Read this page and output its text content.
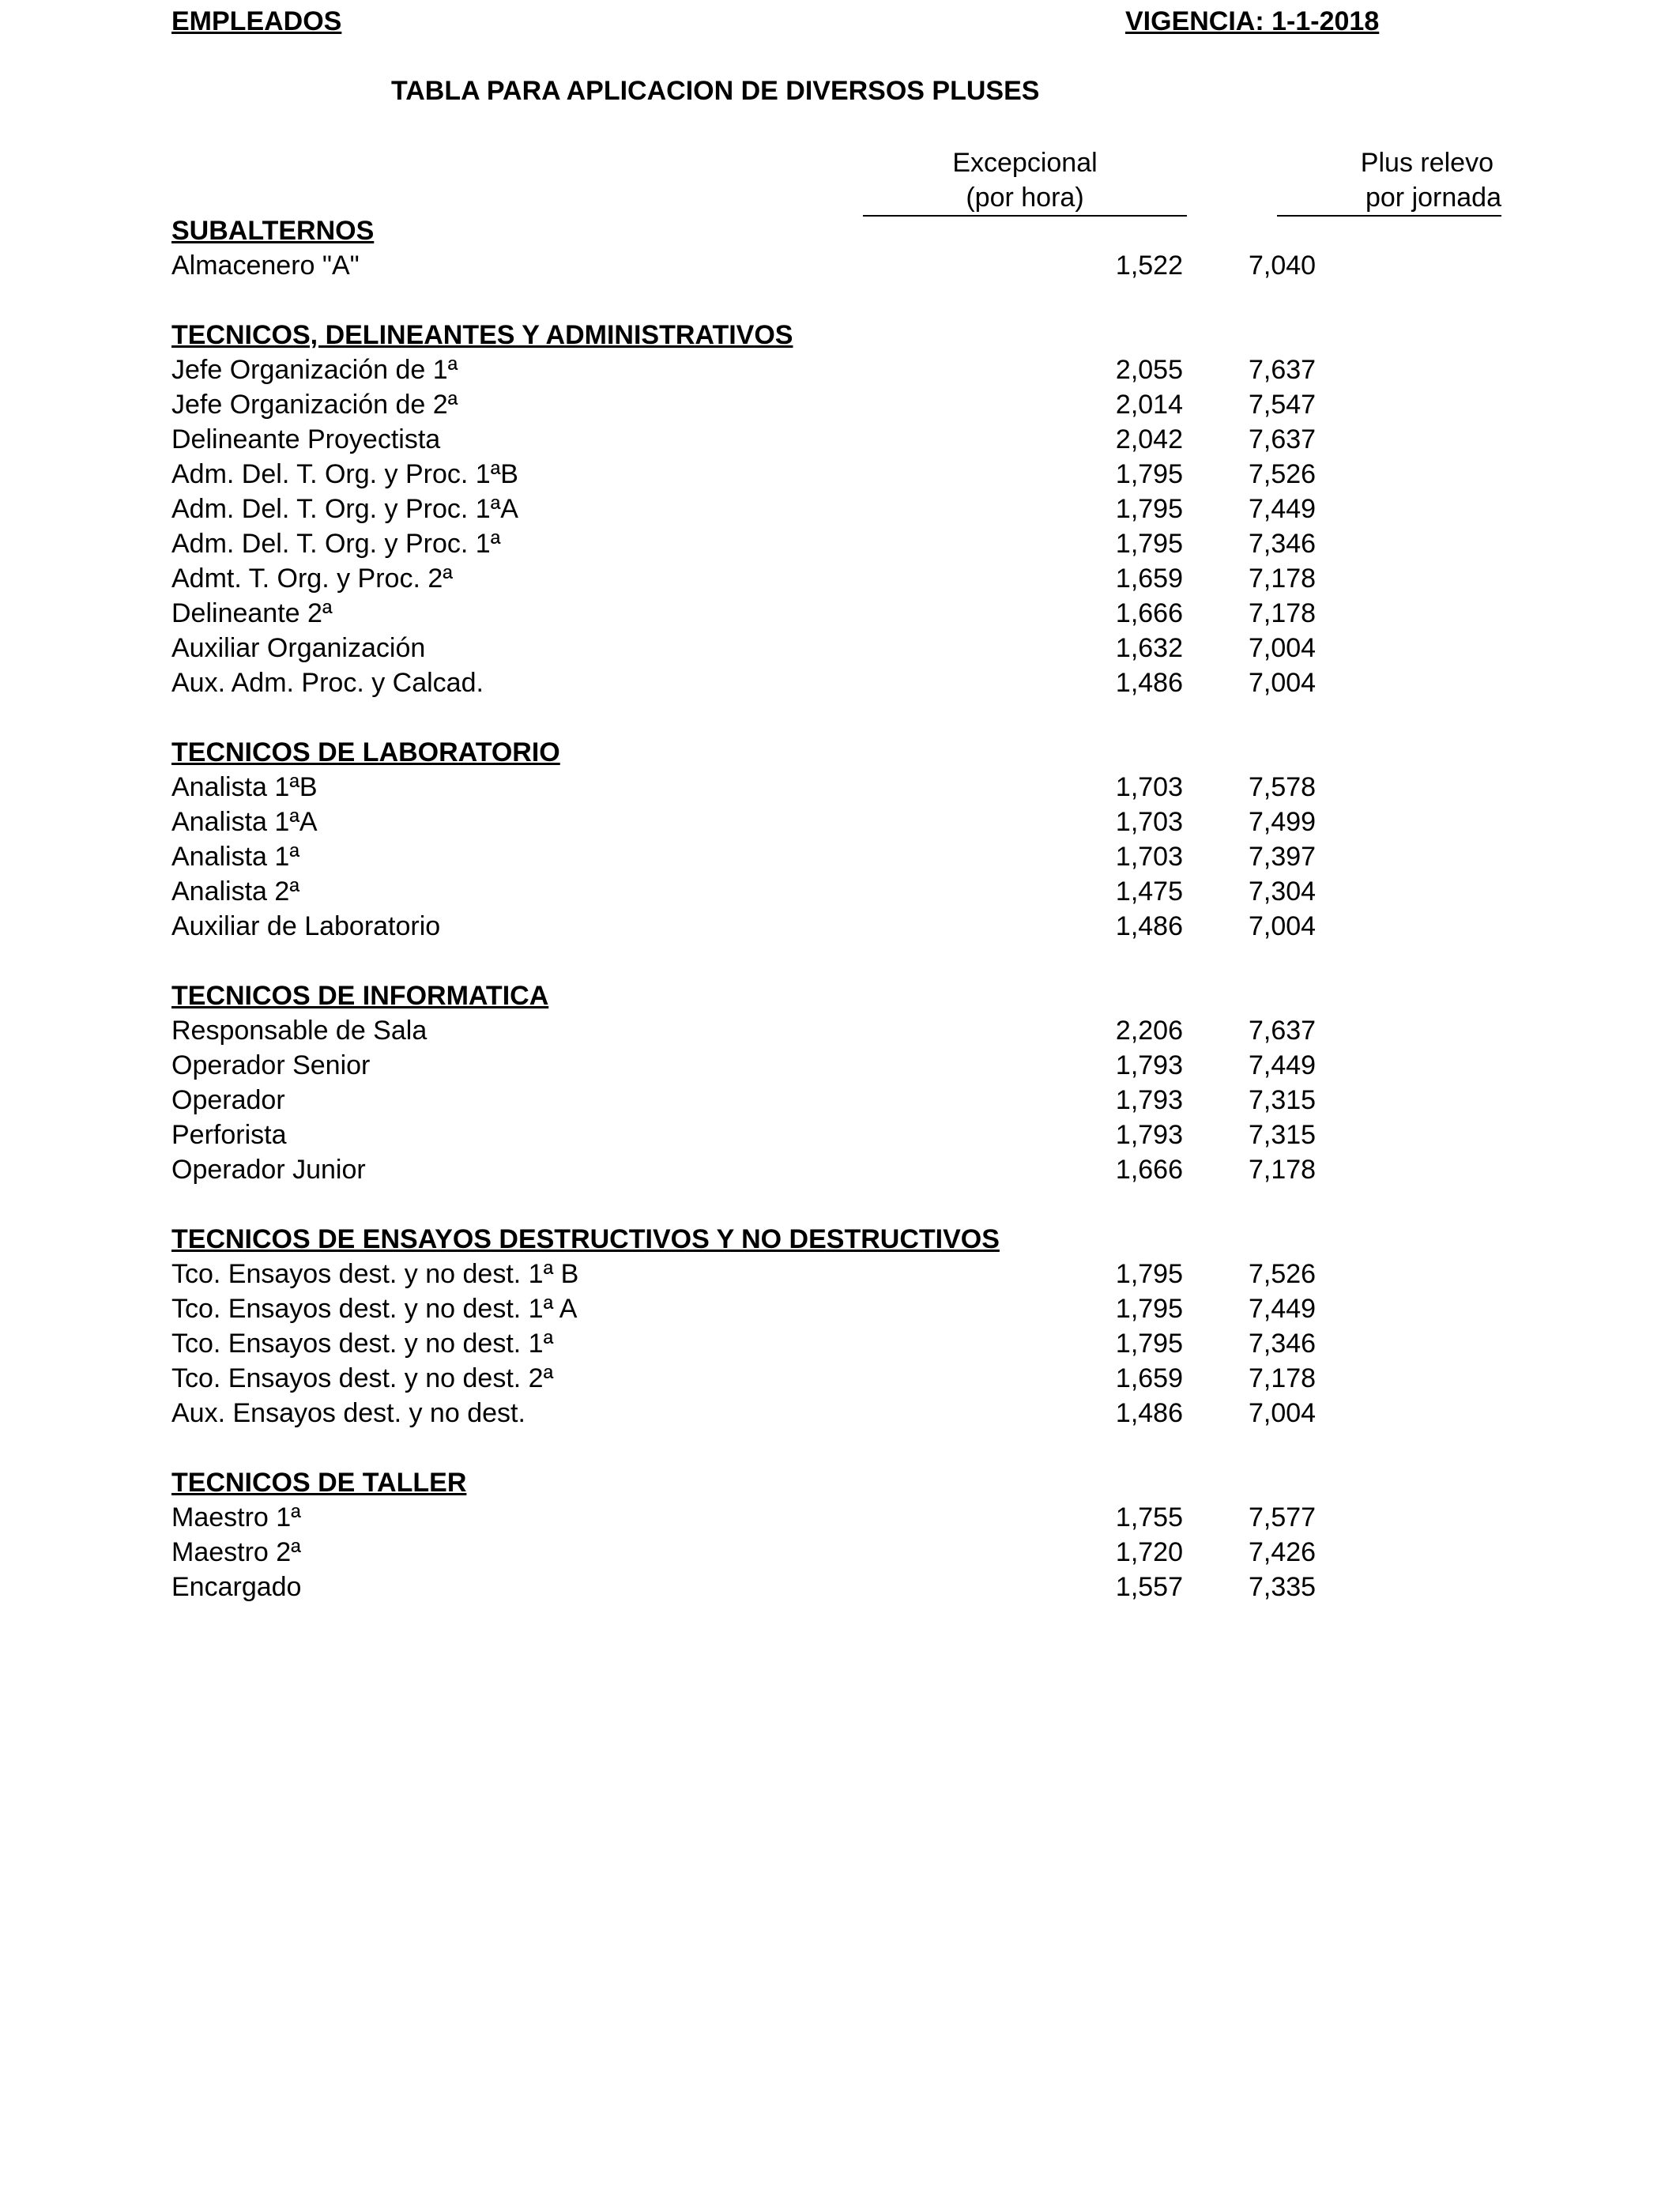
EMPLEADOS	VIGENCIA: 1-1-2018
TABLA PARA APLICACION DE DIVERSOS PLUSES
Excepcional
(por hora)
Plus relevo
por jornada
SUBALTERNOS
Almacenero "A"	1,522 7,040
TECNICOS, DELINEANTES Y ADMINISTRATIVOS
Jefe Organización de 1ª	2,055 7,637
Jefe Organización de 2ª	2,014 7,547
Delineante Proyectista	2,042 7,637
Adm. Del. T. Org. y Proc. 1ªB	1,795 7,526
Adm. Del. T. Org. y Proc. 1ªA	1,795 7,449
Adm. Del. T. Org. y Proc. 1ª	1,795 7,346
Admt. T. Org. y Proc. 2ª	1,659 7,178
Delineante 2ª	1,666 7,178
Auxiliar Organización	1,632 7,004
Aux. Adm. Proc. y Calcad.	1,486 7,004
TECNICOS DE LABORATORIO
Analista 1ªB	1,703 7,578
Analista 1ªA	1,703 7,499
Analista 1ª	1,703 7,397
Analista 2ª	1,475 7,304
Auxiliar de Laboratorio	1,486 7,004
TECNICOS DE INFORMATICA
Responsable de Sala	2,206 7,637
Operador Senior	1,793 7,449
Operador	1,793 7,315
Perforista	1,793 7,315
Operador Junior	1,666 7,178
TECNICOS DE ENSAYOS DESTRUCTIVOS Y NO DESTRUCTIVOS
Tco. Ensayos dest. y no dest. 1ª B	1,795 7,526
Tco. Ensayos dest. y no dest. 1ª A	1,795 7,449
Tco. Ensayos dest. y no dest. 1ª	1,795 7,346
Tco. Ensayos dest. y no dest. 2ª	1,659 7,178
Aux. Ensayos dest. y no dest.	1,486 7,004
TECNICOS DE TALLER
Maestro 1ª	1,755 7,577
Maestro 2ª	1,720 7,426
Encargado	1,557 7,335
